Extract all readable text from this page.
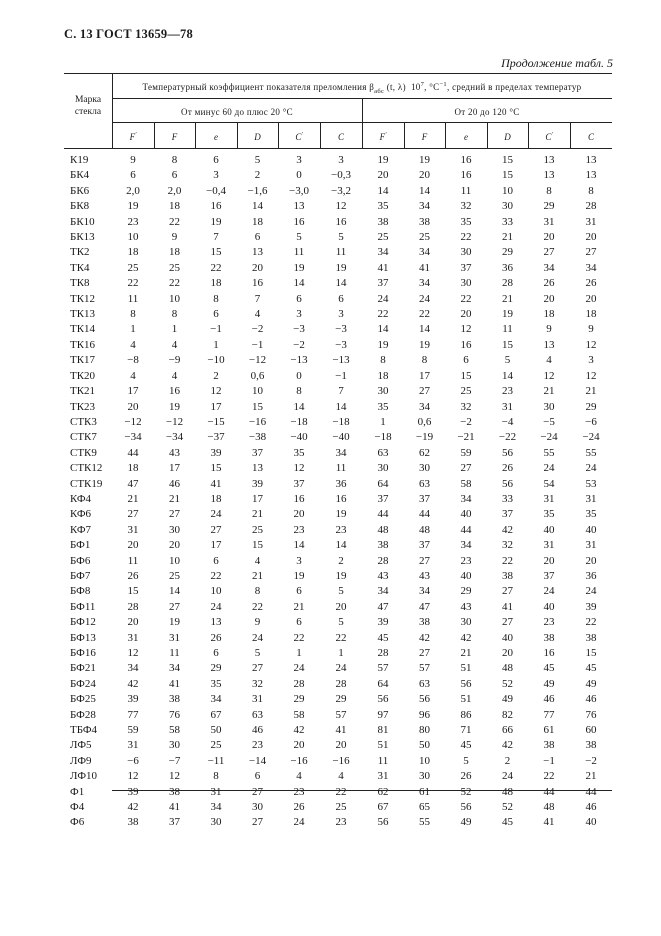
С. 13 ГОСТ 13659—78
Продолжение табл. 5
Марка
стекла
Температурный коэффициент показателя преломления $\beta_{абс}$ (t, λ) $10^7$, $^\circ С^{-1}$, средний в пределах температур
От минус 60 до плюс 20 °С	От 20 до 120 °С
F′	F	e	D	C′	C	F′	F	e	D	C′	C
К19	9	8	6	5	3	3	19	19	16	15	13	13
БК4	6	6	3	2	0	−0,3	20	20	16	15	13	13
БК6	2,0	2,0	−0,4	−1,6	−3,0	−3,2	14	14	11	10	8	8
БК8	19	18	16	14	13	12	35	34	32	30	29	28
БК10	23	22	19	18	16	16	38	38	35	33	31	31
БК13	10	9	7	6	5	5	25	25	22	21	20	20
ТК2	18	18	15	13	11	11	34	34	30	29	27	27
ТК4	25	25	22	20	19	19	41	41	37	36	34	34
ТК8	22	22	18	16	14	14	37	34	30	28	26	26
ТК12	11	10	8	7	6	6	24	24	22	21	20	20
ТК13	8	8	6	4	3	3	22	22	20	19	18	18
ТК14	1	1	−1	−2	−3	−3	14	14	12	11	9	9
ТК16	4	4	1	−1	−2	−3	19	19	16	15	13	12
ТК17	−8	−9	−10	−12	−13	−13	8	8	6	5	4	3
ТК20	4	4	2	0,6	0	−1	18	17	15	14	12	12
ТК21	17	16	12	10	8	7	30	27	25	23	21	21
ТК23	20	19	17	15	14	14	35	34	32	31	30	29
СТК3	−12	−12	−15	−16	−18	−18	1	0,6	−2	−4	−5	−6
СТК7	−34	−34	−37	−38	−40	−40	−18	−19	−21	−22	−24	−24
СТК9	44	43	39	37	35	34	63	62	59	56	55	55
СТК12	18	17	15	13	12	11	30	30	27	26	24	24
СТК19	47	46	41	39	37	36	64	63	58	56	54	53
КФ4	21	21	18	17	16	16	37	37	34	33	31	31
КФ6	27	27	24	21	20	19	44	44	40	37	35	35
КФ7	31	30	27	25	23	23	48	48	44	42	40	40
БФ1	20	20	17	15	14	14	38	37	34	32	31	31
БФ6	11	10	6	4	3	2	28	27	23	22	20	20
БФ7	26	25	22	21	19	19	43	43	40	38	37	36
БФ8	15	14	10	8	6	5	34	34	29	27	24	24
БФ11	28	27	24	22	21	20	47	47	43	41	40	39
БФ12	20	19	13	9	6	5	39	38	30	27	23	22
БФ13	31	31	26	24	22	22	45	42	42	40	38	38
БФ16	12	11	6	5	1	1	28	27	21	20	16	15
БФ21	34	34	29	27	24	24	57	57	51	48	45	45
БФ24	42	41	35	32	28	28	64	63	56	52	49	49
БФ25	39	38	34	31	29	29	56	56	51	49	46	46
БФ28	77	76	67	63	58	57	97	96	86	82	77	76
ТБФ4	59	58	50	46	42	41	81	80	71	66	61	60
ЛФ5	31	30	25	23	20	20	51	50	45	42	38	38
ЛФ9	−6	−7	−11	−14	−16	−16	11	10	5	2	−1	−2
ЛФ10	12	12	8	6	4	4	31	30	26	24	22	21
Ф1	39	38	31	27	23	22	62	61	52	48	44	44
Ф4	42	41	34	30	26	25	67	65	56	52	48	46
Ф6	38	37	30	27	24	23	56	55	49	45	41	40
